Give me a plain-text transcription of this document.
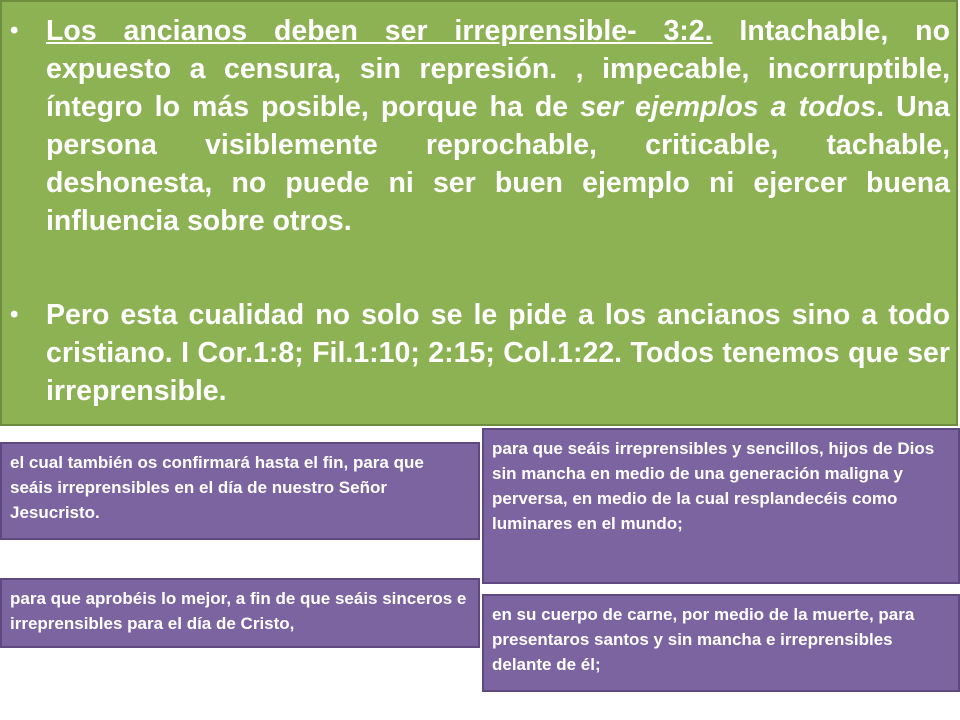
• Los ancianos deben ser irreprensible- 3:2. Intachable, no expuesto a censura, sin represión. , impecable, incorruptible, íntegro lo más posible, porque ha de ser ejemplos a todos. Una persona visiblemente reprochable, criticable, tachable, deshonesta, no puede ni ser buen ejemplo ni ejercer buena influencia sobre otros.
• Pero esta cualidad no solo se le pide a los ancianos sino a todo cristiano. I Cor.1:8; Fil.1:10; 2:15; Col.1:22. Todos tenemos que ser irreprensible.
el cual también os confirmará hasta el fin, para que seáis irreprensibles en el día de nuestro Señor Jesucristo.
para que aprobéis lo mejor, a fin de que seáis sinceros e irreprensibles para el día de Cristo,
para que seáis irreprensibles y sencillos, hijos de Dios sin mancha en medio de una generación maligna y perversa, en medio de la cual resplandecéis como luminares en el mundo;
en su cuerpo de carne, por medio de la muerte, para presentaros santos y sin mancha e irreprensibles delante de él;
